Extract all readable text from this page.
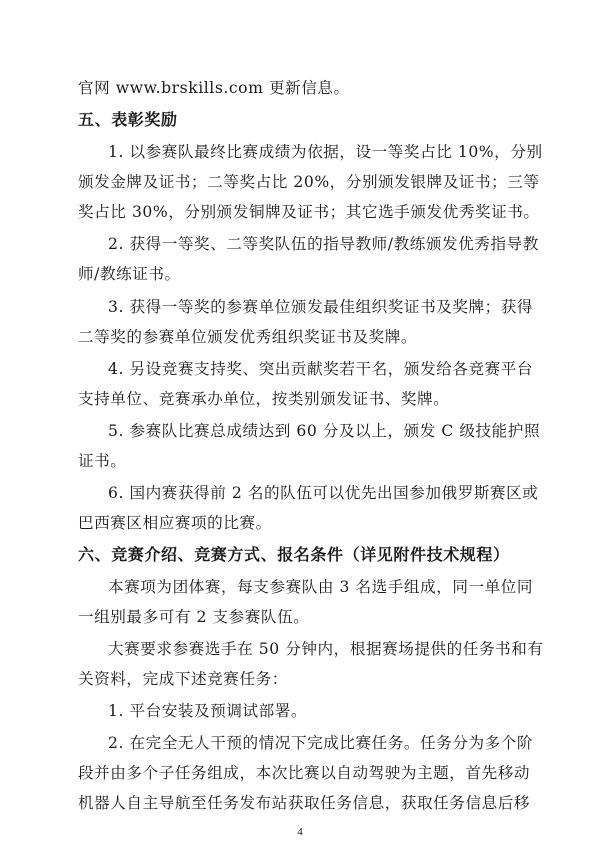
官网 www.brskills.com 更新信息。
五、表彰奖励
1. 以参赛队最终比赛成绩为依据，设一等奖占比 10%，分别
颁发金牌及证书；二等奖占比 20%，分别颁发银牌及证书；三等
奖占比 30%，分别颁发铜牌及证书；其它选手颁发优秀奖证书。
2. 获得一等奖、二等奖队伍的指导教师/教练颁发优秀指导教
师/教练证书。
3. 获得一等奖的参赛单位颁发最佳组织奖证书及奖牌；获得
二等奖的参赛单位颁发优秀组织奖证书及奖牌。
4. 另设竞赛支持奖、突出贡献奖若干名，颁发给各竞赛平台
支持单位、竞赛承办单位，按类别颁发证书、奖牌。
5. 参赛队比赛总成绩达到 60 分及以上，颁发 C 级技能护照
证书。
6. 国内赛获得前 2 名的队伍可以优先出国参加俄罗斯赛区或
巴西赛区相应赛项的比赛。
六、竞赛介绍、竞赛方式、报名条件（详见附件技术规程）
本赛项为团体赛，每支参赛队由 3 名选手组成，同一单位同
一组别最多可有 2 支参赛队伍。
大赛要求参赛选手在 50 分钟内，根据赛场提供的任务书和有
关资料，完成下述竞赛任务：
1. 平台安装及预调试部署。
2. 在完全无人干预的情况下完成比赛任务。任务分为多个阶
段并由多个子任务组成，本次比赛以自动驾驶为主题，首先移动
机器人自主导航至任务发布站获取任务信息，获取任务信息后移
4
